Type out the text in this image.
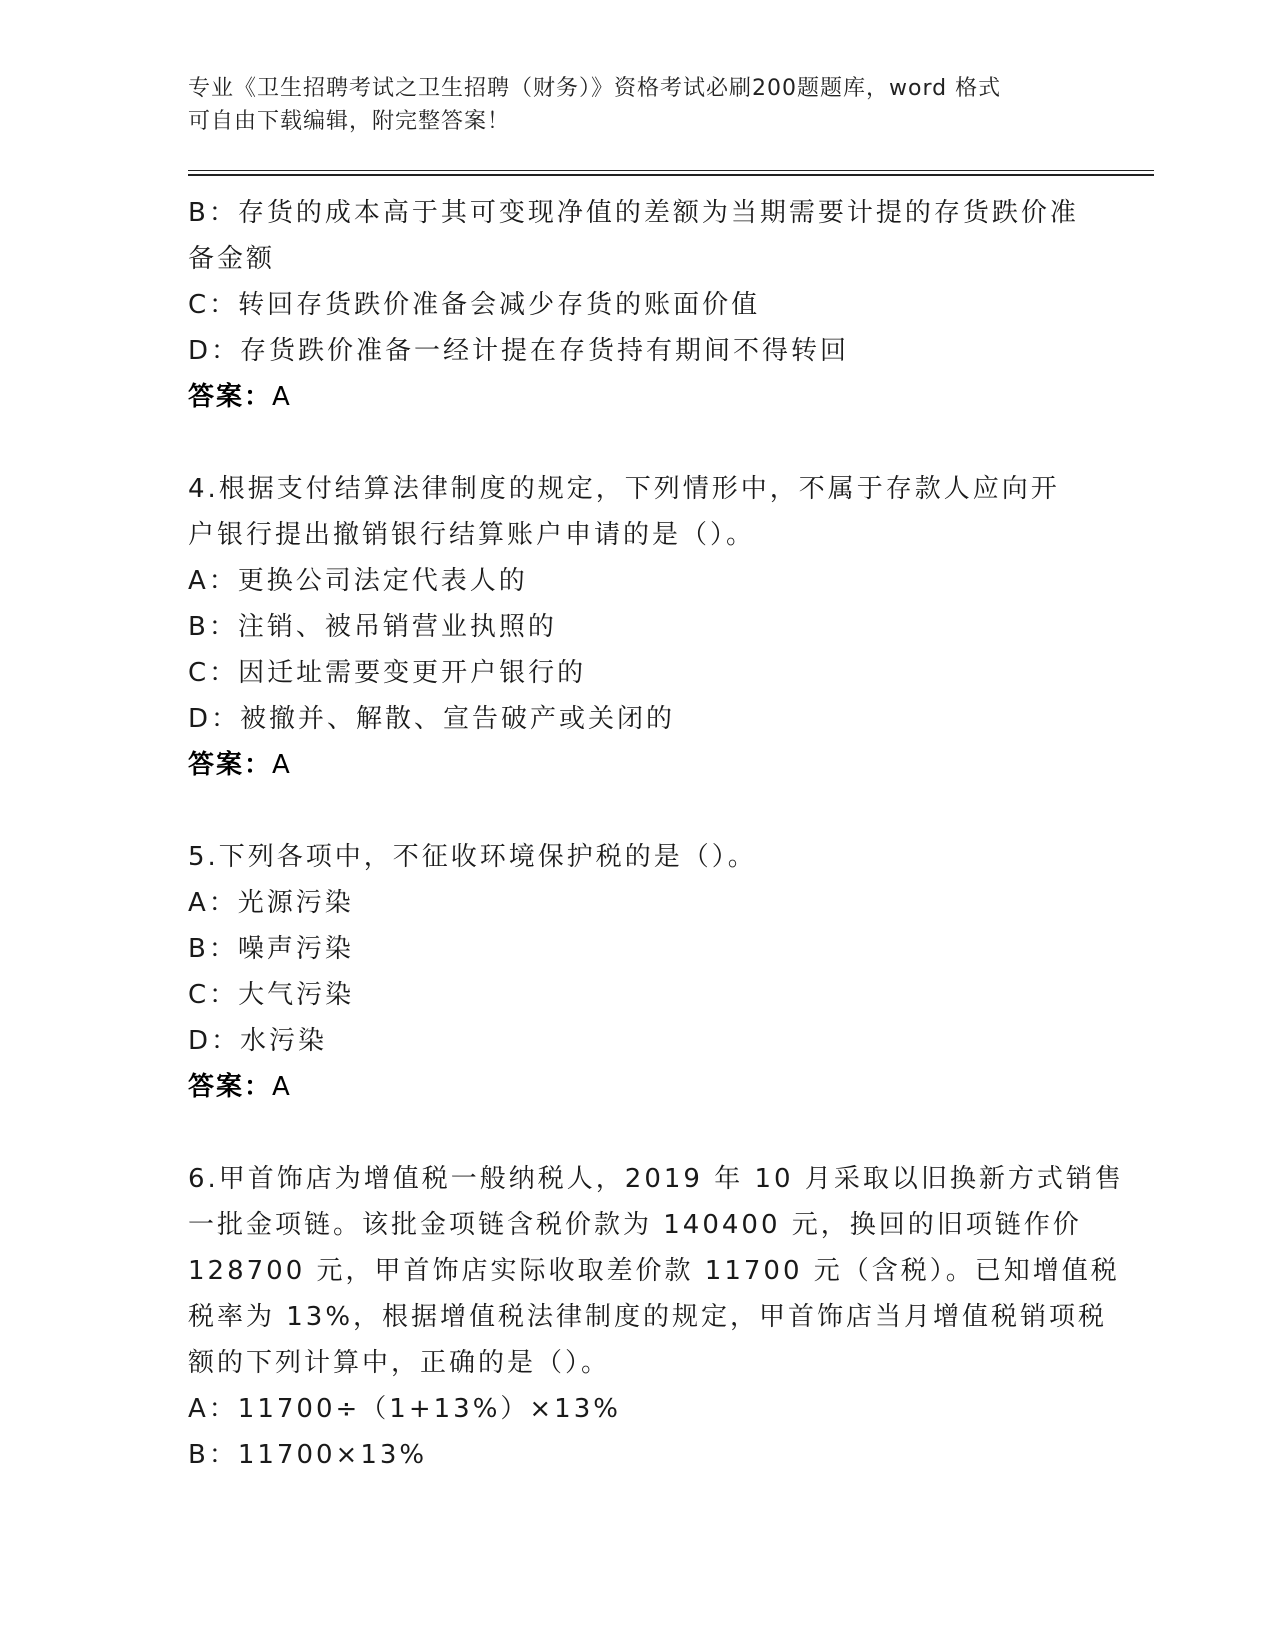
专业《卫生招聘考试之卫生招聘（财务）》资格考试必刷200题题库，word 格式
可自由下载编辑，附完整答案！
B：存货的成本高于其可变现净值的差额为当期需要计提的存货跌价准
备金额
C：转回存货跌价准备会减少存货的账面价值
D：存货跌价准备一经计提在存货持有期间不得转回
答案：A
4.根据支付结算法律制度的规定，下列情形中，不属于存款人应向开
户银行提出撤销银行结算账户申请的是（）。
A：更换公司法定代表人的
B：注销、被吊销营业执照的
C：因迁址需要变更开户银行的
D：被撤并、解散、宣告破产或关闭的
答案：A
5.下列各项中，不征收环境保护税的是（）。
A：光源污染
B：噪声污染
C：大气污染
D：水污染
答案：A
6.甲首饰店为增值税一般纳税人，2019 年 10 月采取以旧换新方式销售
一批金项链。该批金项链含税价款为 140400 元，换回的旧项链作价
128700 元，甲首饰店实际收取差价款 11700 元（含税）。已知增值税
税率为 13%，根据增值税法律制度的规定，甲首饰店当月增值税销项税
额的下列计算中，正确的是（）。
A：11700÷（1+13%）×13%
B：11700×13%
